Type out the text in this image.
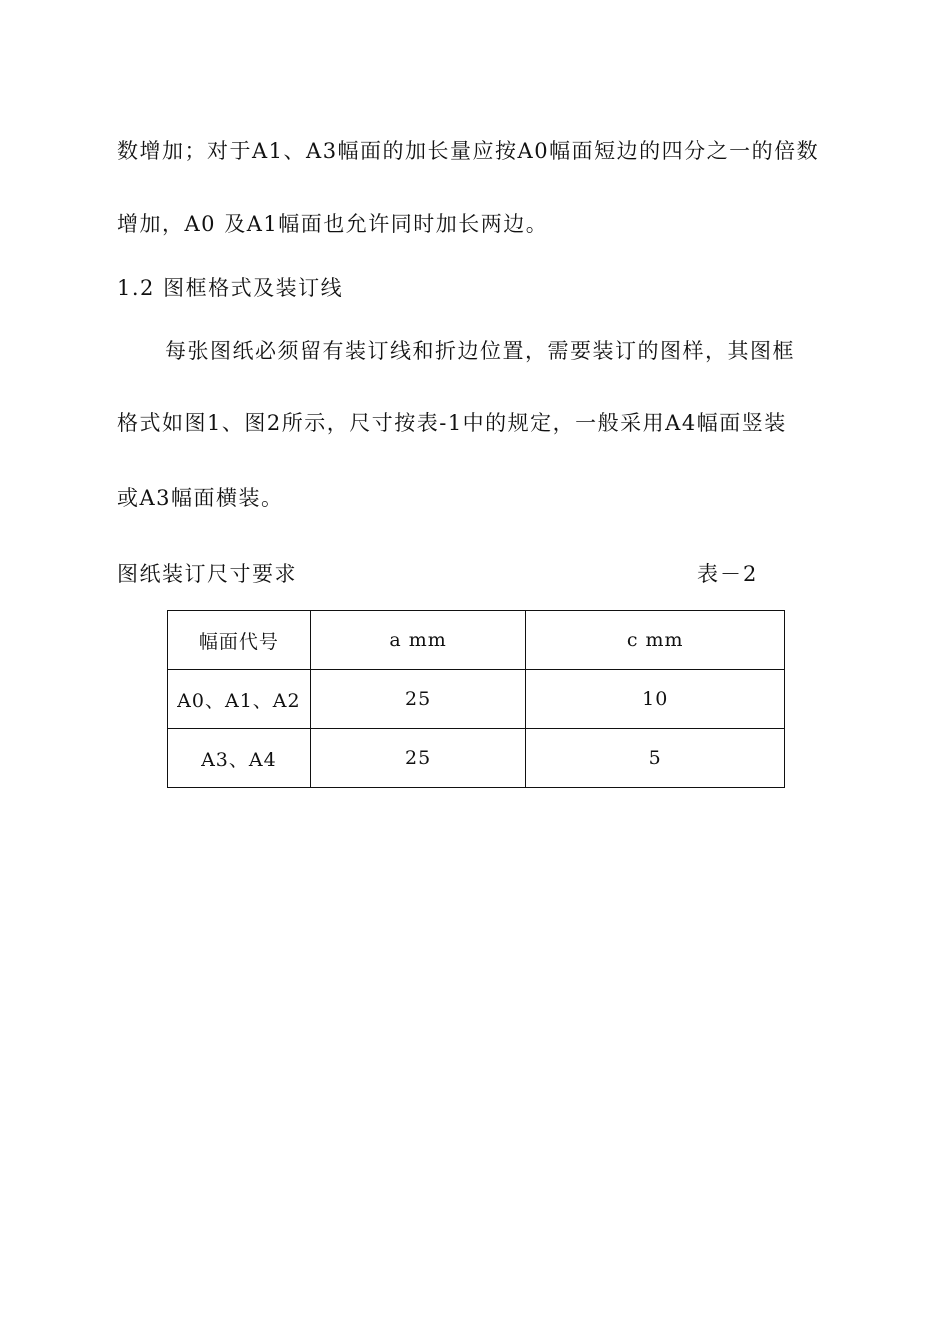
数增加；对于A1、A3幅面的加长量应按A0幅面短边的四分之一的倍数
增加，A0 及A1幅面也允许同时加长两边。
1.2 图框格式及装订线
每张图纸必须留有装订线和折边位置，需要装订的图样，其图框
格式如图1、图2所示，尺寸按表-1中的规定，一般采用A4幅面竖装
或A3幅面横装。
图纸装订尺寸要求	表－2
幅面代号	a mm	c mm
A0、A1、A2	25	10
A3、A4	25	5
